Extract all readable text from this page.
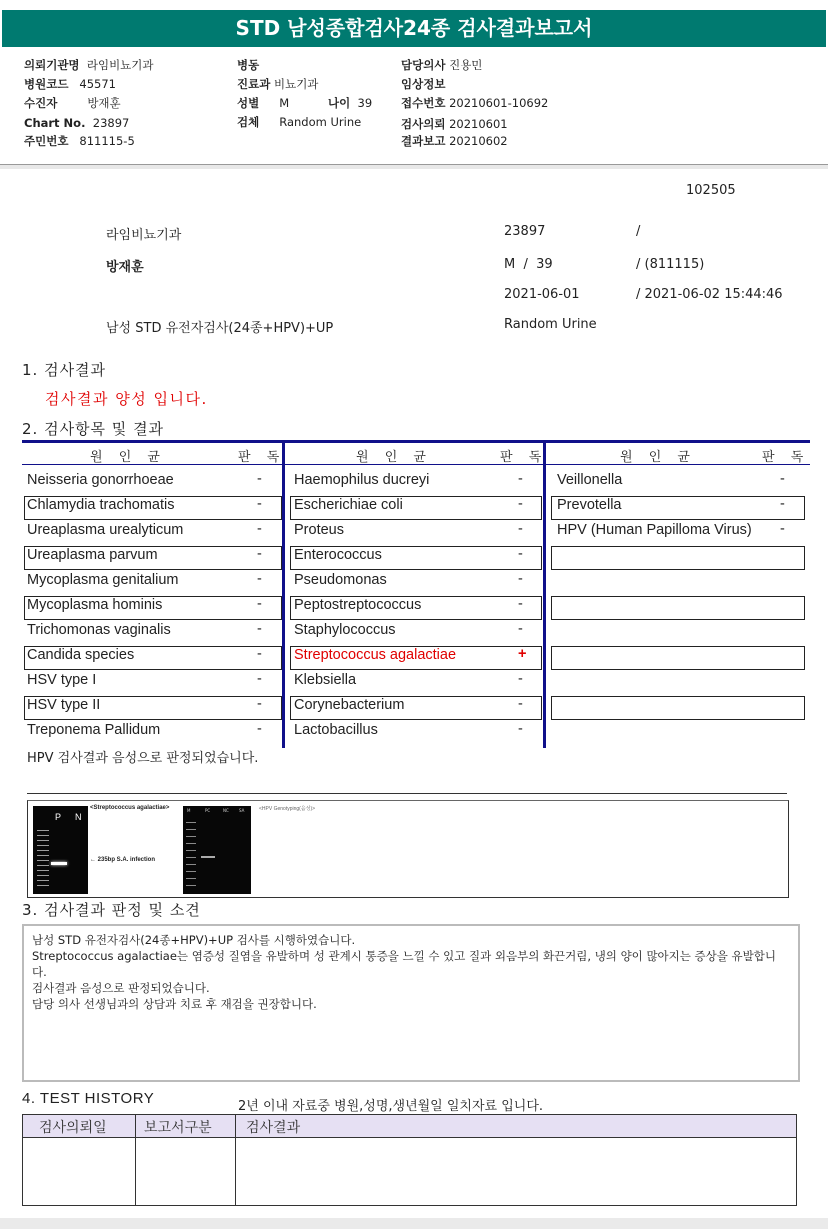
STD 남성종합검사24종 검사결과보고서
의뢰기관명 라임비뇨기과
병원코드 45571
수진자	방재훈
Chart No. 23897
주민번호 811115-5
병동
진료과 비뇨기과
성별 M	나이 39
검체 Random Urine
담당의사 진용민
임상정보
접수번호 20210601-10692
검사의뢰 20210601
결과보고 20210602
102505
라임비뇨기과	23897	/
방재훈	M  /  39	/ (811115)
2021-06-01	/ 2021-06-02 15:44:46
남성 STD 유전자검사(24종+HPV)+UP	Random Urine
1. 검사결과
검사결과 양성 입니다.
2. 검사항목 및 결과
원 인 균	판 독	원 인 균	판 독	원 인 균	판 독
Neisseria gonorrhoeae	-
Chlamydia trachomatis	-
Ureaplasma urealyticum	-
Ureaplasma parvum	-
Mycoplasma genitalium	-
Mycoplasma hominis	-
Trichomonas vaginalis	-
Candida species	-
HSV type I	-
HSV type II	-
Treponema Pallidum	-
Haemophilus ducreyi	-
Escherichiae coli	-
Proteus	-
Enterococcus	-
Pseudomonas	-
Peptostreptococcus	-
Staphylococcus	-
Streptococcus agalactiae	+
Klebsiella	-
Corynebacterium	-
Lactobacillus	-
Veillonella	-
Prevotella	-
HPV (Human Papilloma Virus) -
HPV 검사결과 음성으로 판정되었습니다.
P N
<Streptococcus agalactiae>
← 235bp S.A. infection
M	PC	NC	SA	<HPV Genotyping(음성)>
3. 검사결과 판정 및 소견
남성 STD 유전자검사(24종+HPV)+UP 검사를 시행하였습니다.
Streptococcus agalactiae는 염증성 질염을 유발하며 성 관계시 통증을 느낄 수 있고 질과 외음부의 화끈거림, 냉의 양이 많아지는 증상을 유발합니다.
검사결과 음성으로 판정되었습니다.
담당 의사 선생님과의 상담과 치료 후 재검을 권장합니다.
4. TEST HISTORY	2년 이내 자료중 병원,성명,생년월일 일치자료 입니다.
검사의뢰일	보고서구분 검사결과
